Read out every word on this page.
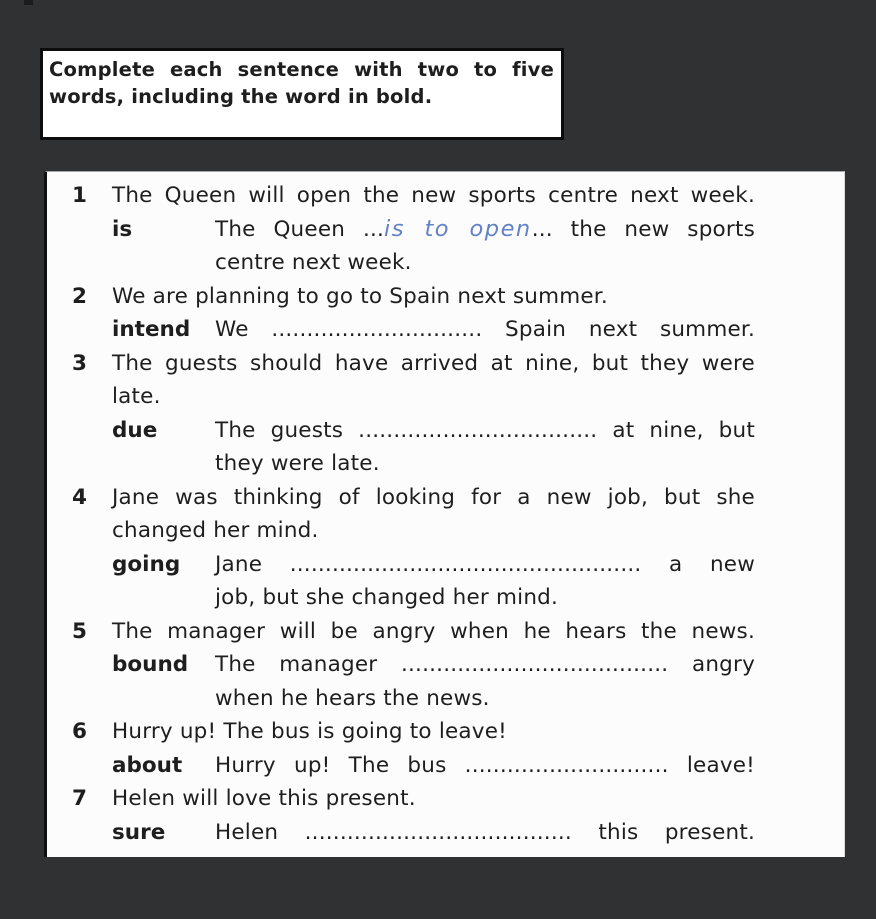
Complete each sentence with two to five
words, including the word in bold.
1	The Queen will open the new sports centre next week.
is	The Queen ...is to open... the new sports
centre next week.
2	We are planning to go to Spain next summer.
intend	We .............................. Spain next summer.
3	The guests should have arrived at nine, but they were
late.
due	The guests .................................. at nine, but
they were late.
4	Jane was thinking of looking for a new job, but she
changed her mind.
going	Jane .................................................. a new
job, but she changed her mind.
5	The manager will be angry when he hears the news.
bound	The manager ...................................... angry
when he hears the news.
6	Hurry up! The bus is going to leave!
about	Hurry up! The bus ............................. leave!
7	Helen will love this present.
sure	Helen ...................................... this present.
